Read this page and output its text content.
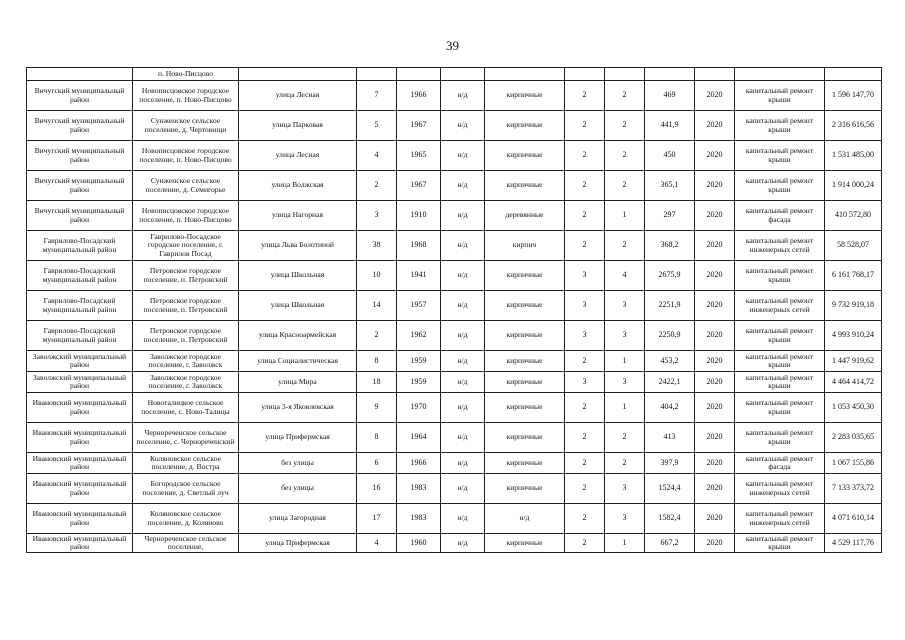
39
	п. Ново-Писцово											
Вичугский муниципальный район	Новописцовское городское поселение, п. Ново-Писцово	улица Лесная	7	1966	н/д	кирпичные	2	2	469	2020	капитальный ремонт крыши	1 596 147,70
Вичугский муниципальный район	Сунженское сельское поселение, д. Чертовищи	улица Парковая	5	1967	н/д	кирпичные	2	2	441,9	2020	капитальный ремонт крыши	2 316 616,56
Вичугский муниципальный район	Новописцовское городское поселение, п. Ново-Писцово	улица Лесная	4	1965	н/д	кирпичные	2	2	450	2020	капитальный ремонт крыши	1 531 485,00
Вичугский муниципальный район	Сунженское сельское поселение, д. Семигорье	улица Волжская	2	1967	н/д	кирпичные	2	2	365,1	2020	капитальный ремонт крыши	1 914 000,24
Вичугский муниципальный район	Новописцовское городское поселение, п. Ново-Писцово	улица Нагорная	3	1910	н/д	деревянные	2	1	297	2020	капитальный ремонт фасада	410 572,80
Гаврилово-Посадский муниципальный район	Гаврилово-Посадское городское поселение, г. Гаврилов Посад	улица Льва Болотиной	38	1968	н/д	кирпич	2	2	368,2	2020	капитальный ремонт инженерных сетей	58 528,07
Гаврилово-Посадский муниципальный район	Петровское городское поселение, п. Петровский	улица Школьная	10	1941	н/д	кирпичные	3	4	2675,9	2020	капитальный ремонт крыши	6 161 768,17
Гаврилово-Посадский муниципальный район	Петровское городское поселение, п. Петровский	улица Школьная	14	1957	н/д	кирпичные	3	3	2251,9	2020	капитальный ремонт инженерных сетей	9 732 919,18
Гаврилово-Посадский муниципальный район	Петровское городское поселение, п. Петровский	улица Красноармейская	2	1962	н/д	кирпичные	3	3	2250,9	2020	капитальный ремонт крыши	4 993 910,24
Заволжский муниципальный район	Заволжское городское поселение, г. Заволжск	улица Социалистическая	8	1959	н/д	кирпичные	2	1	453,2	2020	капитальный ремонт крыши	1 447 919,62
Заволжский муниципальный район	Заволжское городское поселение, г. Заволжск	улица Мира	18	1959	н/д	кирпичные	3	3	2422,1	2020	капитальный ремонт крыши	4 464 414,72
Ивановский муниципальный район	Новоталицкое сельское поселение, с. Ново-Талицы	улица 3-я Яковлевская	9	1970	н/д	кирпичные	2	1	404,2	2020	капитальный ремонт крыши	1 053 450,30
Ивановский муниципальный район	Чернореченское сельское поселение, с. Чернореченский	улица Прифермская	8	1964	н/д	кирпичные	2	2	413	2020	капитальный ремонт крыши	2 283 035,65
Ивановский муниципальный район	Коляновское сельское поселение, д. Востра	без улицы	6	1966	н/д	кирпичные	2	2	397,9	2020	капитальный ремонт фасада	1 067 155,86
Ивановский муниципальный район	Богородское сельское поселение, д. Светлый луч	без улицы	16	1983	н/д	кирпичные	2	3	1524,4	2020	капитальный ремонт инженерных сетей	7 133 373,72
Ивановский муниципальный район	Коляновское сельское поселение, д. Коляново	улица Загородная	17	1983	н/д	н/д	2	3	1582,4	2020	капитальный ремонт инженерных сетей	4 071 610,14
Ивановский муниципальный район	Чернореченское сельское поселение,	улица Прифермская	4	1960	н/д	кирпичные	2	1	667,2	2020	капитальный ремонт крыши	4 529 117,76
